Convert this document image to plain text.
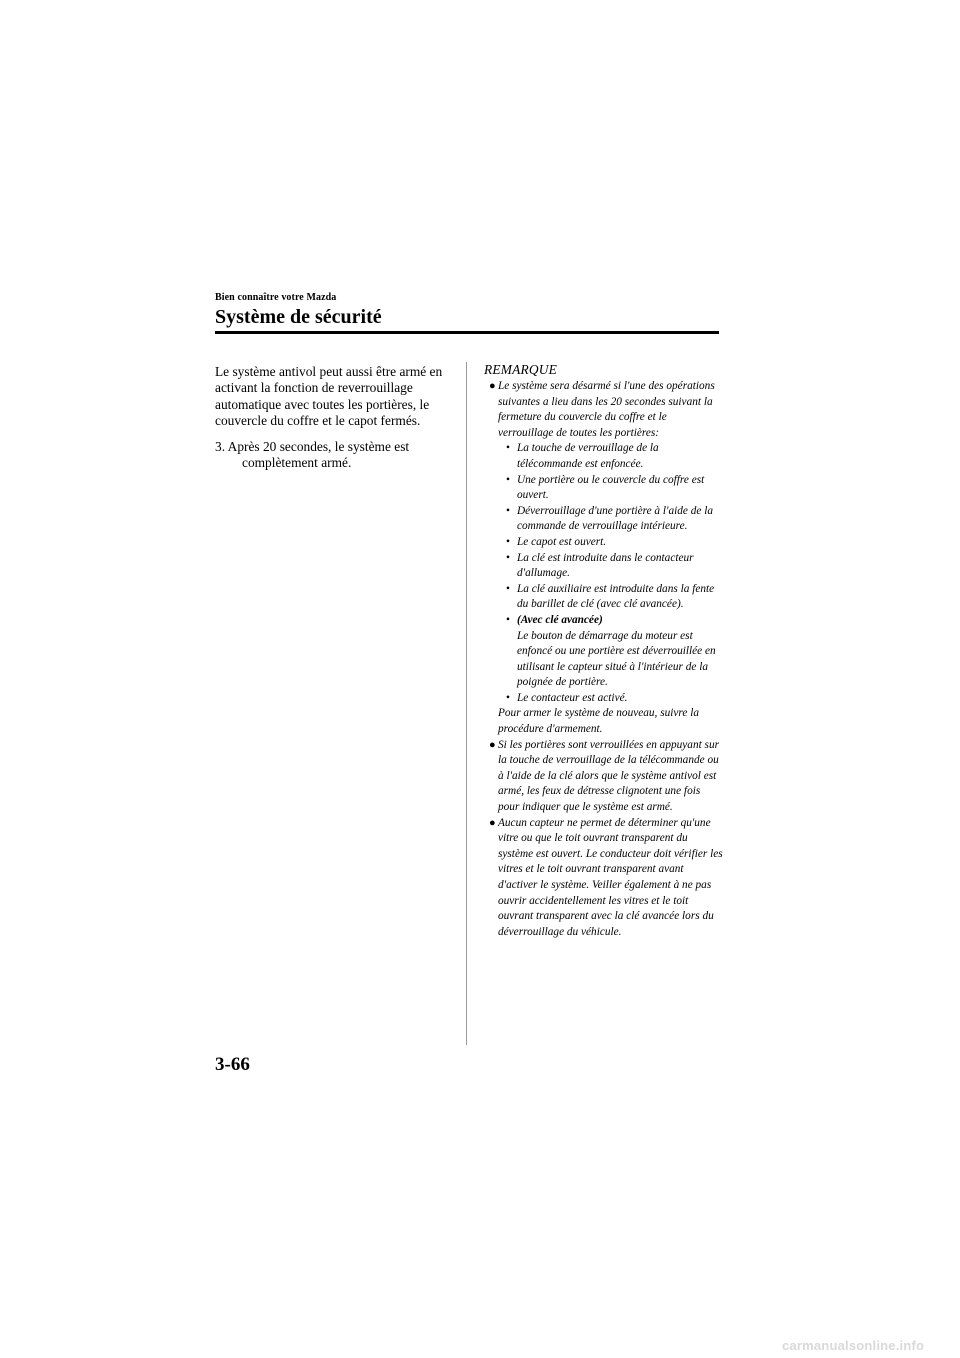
Bien connaître votre Mazda
Système de sécurité

Le système antivol peut aussi être armé en activant la fonction de reverrouillage automatique avec toutes les portières, le couvercle du coffre et le capot fermés.

3. Après 20 secondes, le système est complètement armé.

REMARQUE
● Le système sera désarmé si l'une des opérations suivantes a lieu dans les 20 secondes suivant la fermeture du couvercle du coffre et le verrouillage de toutes les portières:
• La touche de verrouillage de la télécommande est enfoncée.
• Une portière ou le couvercle du coffre est ouvert.
• Déverrouillage d'une portière à l'aide de la commande de verrouillage intérieure.
• Le capot est ouvert.
• La clé est introduite dans le contacteur d'allumage.
• La clé auxiliaire est introduite dans la fente du barillet de clé (avec clé avancée).
• (Avec clé avancée)
Le bouton de démarrage du moteur est enfoncé ou une portière est déverrouillée en utilisant le capteur situé à l'intérieur de la poignée de portière.
• Le contacteur est activé.
Pour armer le système de nouveau, suivre la procédure d'armement.
● Si les portières sont verrouillées en appuyant sur la touche de verrouillage de la télécommande ou à l'aide de la clé alors que le système antivol est armé, les feux de détresse clignotent une fois pour indiquer que le système est armé.
● Aucun capteur ne permet de déterminer qu'une vitre ou que le toit ouvrant transparent du système est ouvert. Le conducteur doit vérifier les vitres et le toit ouvrant transparent avant d'activer le système. Veiller également à ne pas ouvrir accidentellement les vitres et le toit ouvrant transparent avec la clé avancée lors du déverrouillage du véhicule.
3-66
carmanualsonline.info
